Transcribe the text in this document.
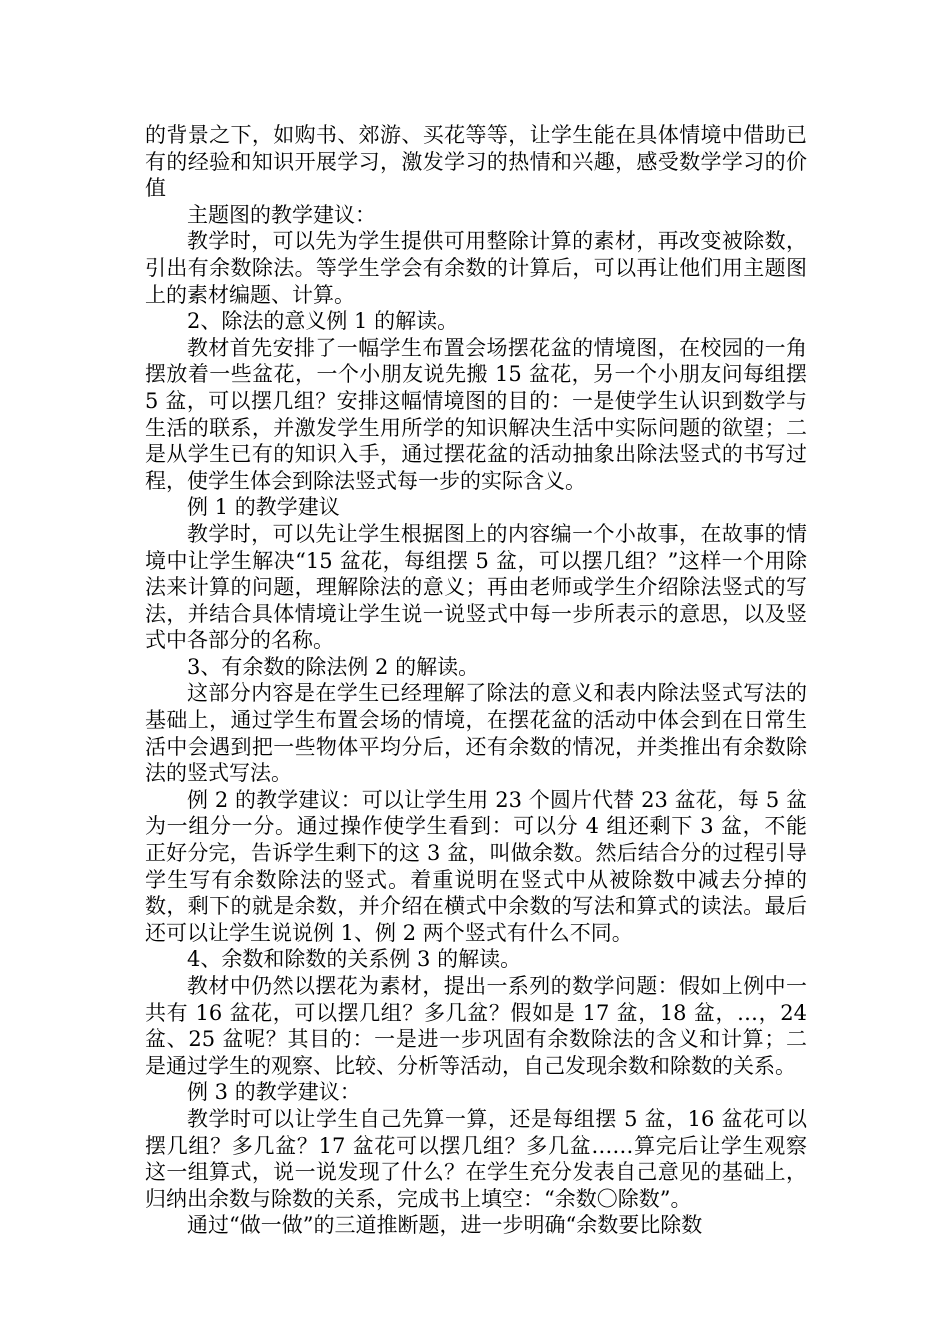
的背景之下，如购书、郊游、买花等等，让学生能在具体情境中借助已有的经验和知识开展学习，激发学习的热情和兴趣，感受数学学习的价值

主题图的教学建议：

教学时，可以先为学生提供可用整除计算的素材，再改变被除数，引出有余数除法。等学生学会有余数的计算后，可以再让他们用主题图上的素材编题、计算。

2、除法的意义例 1 的解读。

教材首先安排了一幅学生布置会场摆花盆的情境图，在校园的一角摆放着一些盆花，一个小朋友说先搬 15 盆花，另一个小朋友问每组摆 5 盆，可以摆几组？安排这幅情境图的目的：一是使学生认识到数学与生活的联系，并激发学生用所学的知识解决生活中实际问题的欲望；二是从学生已有的知识入手，通过摆花盆的活动抽象出除法竖式的书写过程，使学生体会到除法竖式每一步的实际含义。

例 1 的教学建议

教学时，可以先让学生根据图上的内容编一个小故事，在故事的情境中让学生解决“15 盆花，每组摆 5 盆，可以摆几组？”这样一个用除法来计算的问题，理解除法的意义；再由老师或学生介绍除法竖式的写法，并结合具体情境让学生说一说竖式中每一步所表示的意思，以及竖式中各部分的名称。

3、有余数的除法例 2 的解读。

这部分内容是在学生已经理解了除法的意义和表内除法竖式写法的基础上，通过学生布置会场的情境，在摆花盆的活动中体会到在日常生活中会遇到把一些物体平均分后，还有余数的情况，并类推出有余数除法的竖式写法。

例 2 的教学建议：可以让学生用 23 个圆片代替 23 盆花，每 5 盆为一组分一分。通过操作使学生看到：可以分 4 组还剩下 3 盆，不能正好分完，告诉学生剩下的这 3 盆，叫做余数。然后结合分的过程引导学生写有余数除法的竖式。着重说明在竖式中从被除数中减去分掉的数，剩下的就是余数，并介绍在横式中余数的写法和算式的读法。最后还可以让学生说说例 1、例 2 两个竖式有什么不同。

4、余数和除数的关系例 3 的解读。

教材中仍然以摆花为素材，提出一系列的数学问题：假如上例中一共有 16 盆花，可以摆几组？多几盆？假如是 17 盆，18 盆，…，24 盆、25 盆呢？其目的：一是进一步巩固有余数除法的含义和计算；二是通过学生的观察、比较、分析等活动，自己发现余数和除数的关系。

例 3 的教学建议：

教学时可以让学生自己先算一算，还是每组摆 5 盆，16 盆花可以摆几组？多几盆？17 盆花可以摆几组？多几盆……算完后让学生观察这一组算式，说一说发现了什么？在学生充分发表自己意见的基础上，归纳出余数与除数的关系，完成书上填空：“余数〇除数”。

通过“做一做”的三道推断题，进一步明确“余数要比除数
